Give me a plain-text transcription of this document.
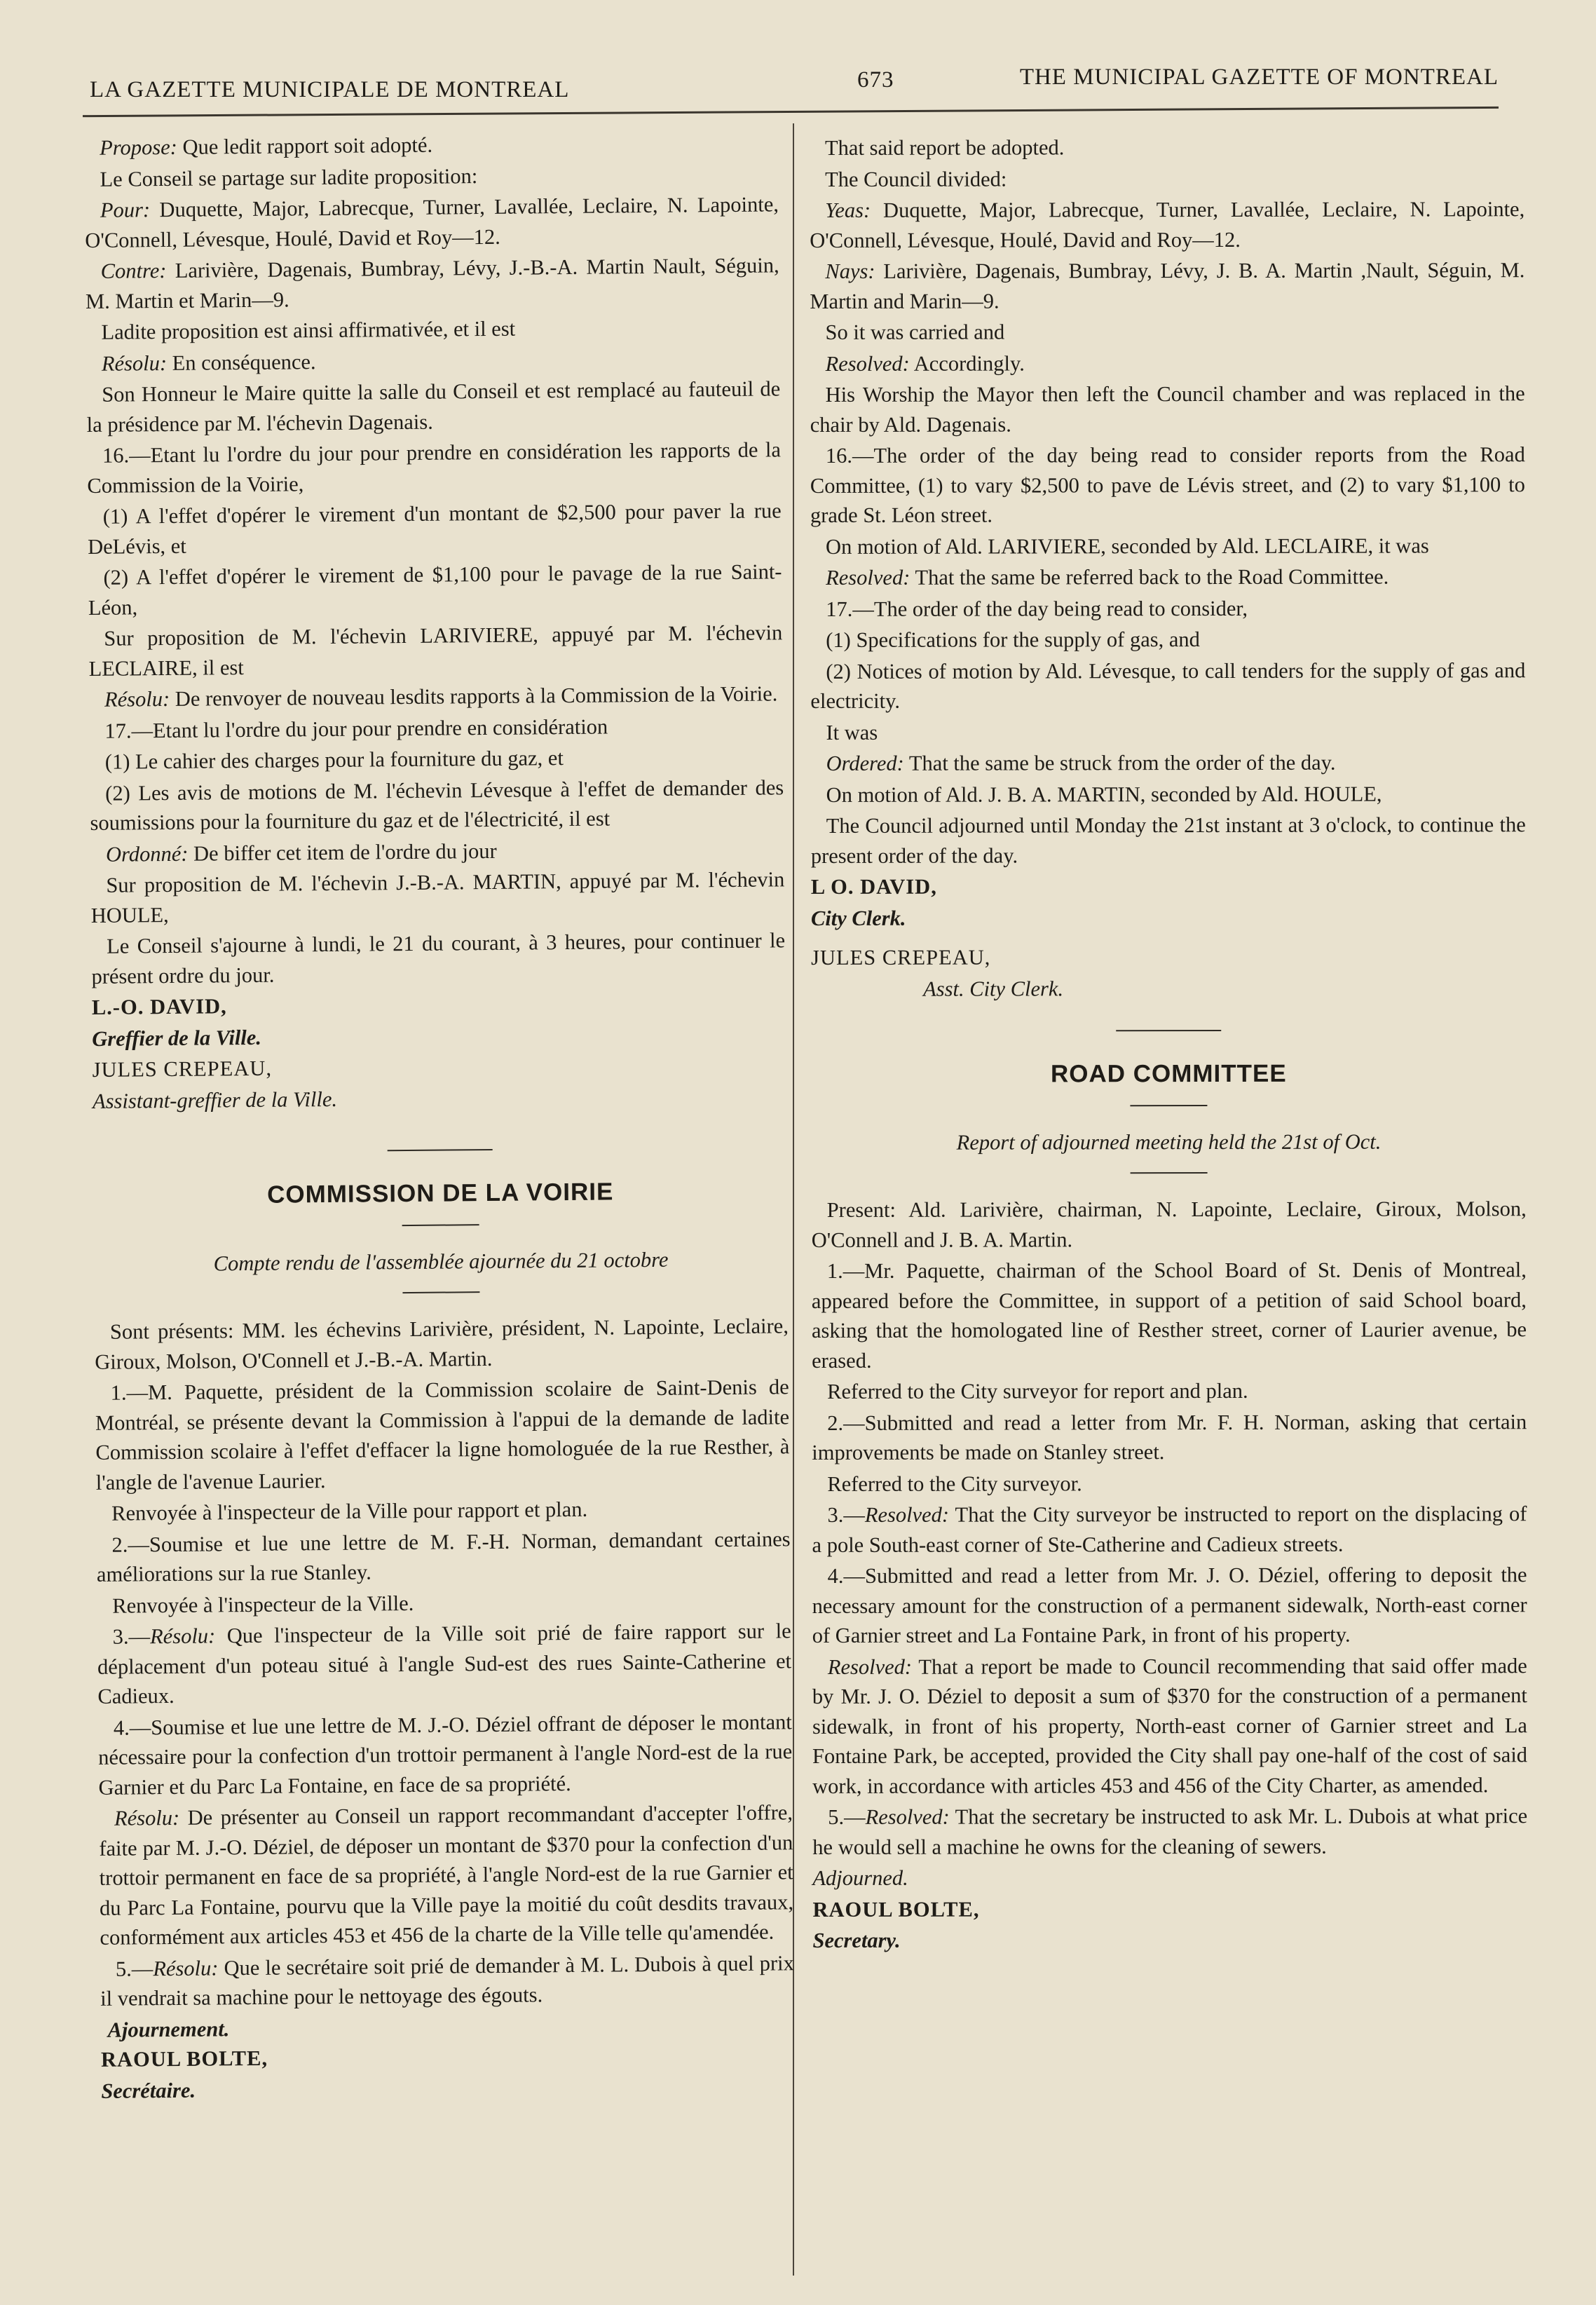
LA GAZETTE MUNICIPALE DE MONTREAL	673	THE MUNICIPAL GAZETTE OF MONTREAL

Propose: Que ledit rapport soit adopté.

Le Conseil se partage sur ladite proposition:

Pour: Duquette, Major, Labrecque, Turner, Lavallée, Leclaire, N. Lapointe, O'Connell, Lévesque, Houlé, David et Roy—12.

Contre: Larivière, Dagenais, Bumbray, Lévy, J.-B.-A. Martin Nault, Séguin, M. Martin et Marin—9.

Ladite proposition est ainsi affirmativée, et il est

Résolu: En conséquence.

Son Honneur le Maire quitte la salle du Conseil et est remplacé au fauteuil de la présidence par M. l'échevin Dagenais.

16.—Etant lu l'ordre du jour pour prendre en considération les rapports de la Commission de la Voirie,

(1) A l'effet d'opérer le virement d'un montant de $2,500 pour paver la rue DeLévis, et

(2) A l'effet d'opérer le virement de $1,100 pour le pavage de la rue Saint-Léon,

Sur proposition de M. l'échevin LARIVIERE, appuyé par M. l'échevin LECLAIRE, il est

Résolu: De renvoyer de nouveau lesdits rapports à la Commission de la Voirie.

17.—Etant lu l'ordre du jour pour prendre en considération

(1) Le cahier des charges pour la fourniture du gaz, et

(2) Les avis de motions de M. l'échevin Lévesque à l'effet de demander des soumissions pour la fourniture du gaz et de l'électricité, il est

Ordonné: De biffer cet item de l'ordre du jour

Sur proposition de M. l'échevin J.-B.-A. MARTIN, appuyé par M. l'échevin HOULE,

Le Conseil s'ajourne à lundi, le 21 du courant, à 3 heures, pour continuer le présent ordre du jour.

L.-O. DAVID,

Greffier de la Ville.

JULES CREPEAU,

Assistant-greffier de la Ville.

COMMISSION DE LA VOIRIE
Compte rendu de l'assemblée ajournée du 21 octobre

Sont présents: MM. les échevins Larivière, président, N. Lapointe, Leclaire, Giroux, Molson, O'Connell et J.-B.-A. Martin.

1.—M. Paquette, président de la Commission scolaire de Saint-Denis de Montréal, se présente devant la Commission à l'appui de la demande de ladite Commission scolaire à l'effet d'effacer la ligne homologuée de la rue Resther, à l'angle de l'avenue Laurier.

Renvoyée à l'inspecteur de la Ville pour rapport et plan.

2.—Soumise et lue une lettre de M. F.-H. Norman, demandant certaines améliorations sur la rue Stanley.

Renvoyée à l'inspecteur de la Ville.

3.—Résolu: Que l'inspecteur de la Ville soit prié de faire rapport sur le déplacement d'un poteau situé à l'angle Sud-est des rues Sainte-Catherine et Cadieux.

4.—Soumise et lue une lettre de M. J.-O. Déziel offrant de déposer le montant nécessaire pour la confection d'un trottoir permanent à l'angle Nord-est de la rue Garnier et du Parc La Fontaine, en face de sa propriété.

Résolu: De présenter au Conseil un rapport recommandant d'accepter l'offre, faite par M. J.-O. Déziel, de déposer un montant de $370 pour la confection d'un trottoir permanent en face de sa propriété, à l'angle Nord-est de la rue Garnier et du Parc La Fontaine, pourvu que la Ville paye la moitié du coût desdits travaux, conformément aux articles 453 et 456 de la charte de la Ville telle qu'amendée.

5.—Résolu: Que le secrétaire soit prié de demander à M. L. Dubois à quel prix il vendrait sa machine pour le nettoyage des égouts.

Ajournement.

RAOUL BOLTE,

Secrétaire.

That said report be adopted.

The Council divided:

Yeas: Duquette, Major, Labrecque, Turner, Lavallée, Leclaire, N. Lapointe, O'Connell, Lévesque, Houlé, David and Roy—12.

Nays: Larivière, Dagenais, Bumbray, Lévy, J. B. A. Martin ,Nault, Séguin, M. Martin and Marin—9.

So it was carried and

Resolved: Accordingly.

His Worship the Mayor then left the Council chamber and was replaced in the chair by Ald. Dagenais.

16.—The order of the day being read to consider reports from the Road Committee, (1) to vary $2,500 to pave de Lévis street, and (2) to vary $1,100 to grade St. Léon street.

On motion of Ald. LARIVIERE, seconded by Ald. LECLAIRE, it was

Resolved: That the same be referred back to the Road Committee.

17.—The order of the day being read to consider,

(1) Specifications for the supply of gas, and

(2) Notices of motion by Ald. Lévesque, to call tenders for the supply of gas and electricity.

It was

Ordered: That the same be struck from the order of the day.

On motion of Ald. J. B. A. MARTIN, seconded by Ald. HOULE,

The Council adjourned until Monday the 21st instant at 3 o'clock, to continue the present order of the day.

L O. DAVID,

City Clerk.

JULES CREPEAU,

Asst. City Clerk.

ROAD COMMITTEE
Report of adjourned meeting held the 21st of Oct.

Present: Ald. Larivière, chairman, N. Lapointe, Leclaire, Giroux, Molson, O'Connell and J. B. A. Martin.

1.—Mr. Paquette, chairman of the School Board of St. Denis of Montreal, appeared before the Committee, in support of a petition of said School board, asking that the homologated line of Resther street, corner of Laurier avenue, be erased.

Referred to the City surveyor for report and plan.

2.—Submitted and read a letter from Mr. F. H. Norman, asking that certain improvements be made on Stanley street.

Referred to the City surveyor.

3.—Resolved: That the City surveyor be instructed to report on the displacing of a pole South-east corner of Ste-Catherine and Cadieux streets.

4.—Submitted and read a letter from Mr. J. O. Déziel, offering to deposit the necessary amount for the construction of a permanent sidewalk, North-east corner of Garnier street and La Fontaine Park, in front of his property.

Resolved: That a report be made to Council recommending that said offer made by Mr. J. O. Déziel to deposit a sum of $370 for the construction of a permanent sidewalk, in front of his property, North-east corner of Garnier street and La Fontaine Park, be accepted, provided the City shall pay one-half of the cost of said work, in accordance with articles 453 and 456 of the City Charter, as amended.

5.—Resolved: That the secretary be instructed to ask Mr. L. Dubois at what price he would sell a machine he owns for the cleaning of sewers.

Adjourned.

RAOUL BOLTE,

Secretary.
